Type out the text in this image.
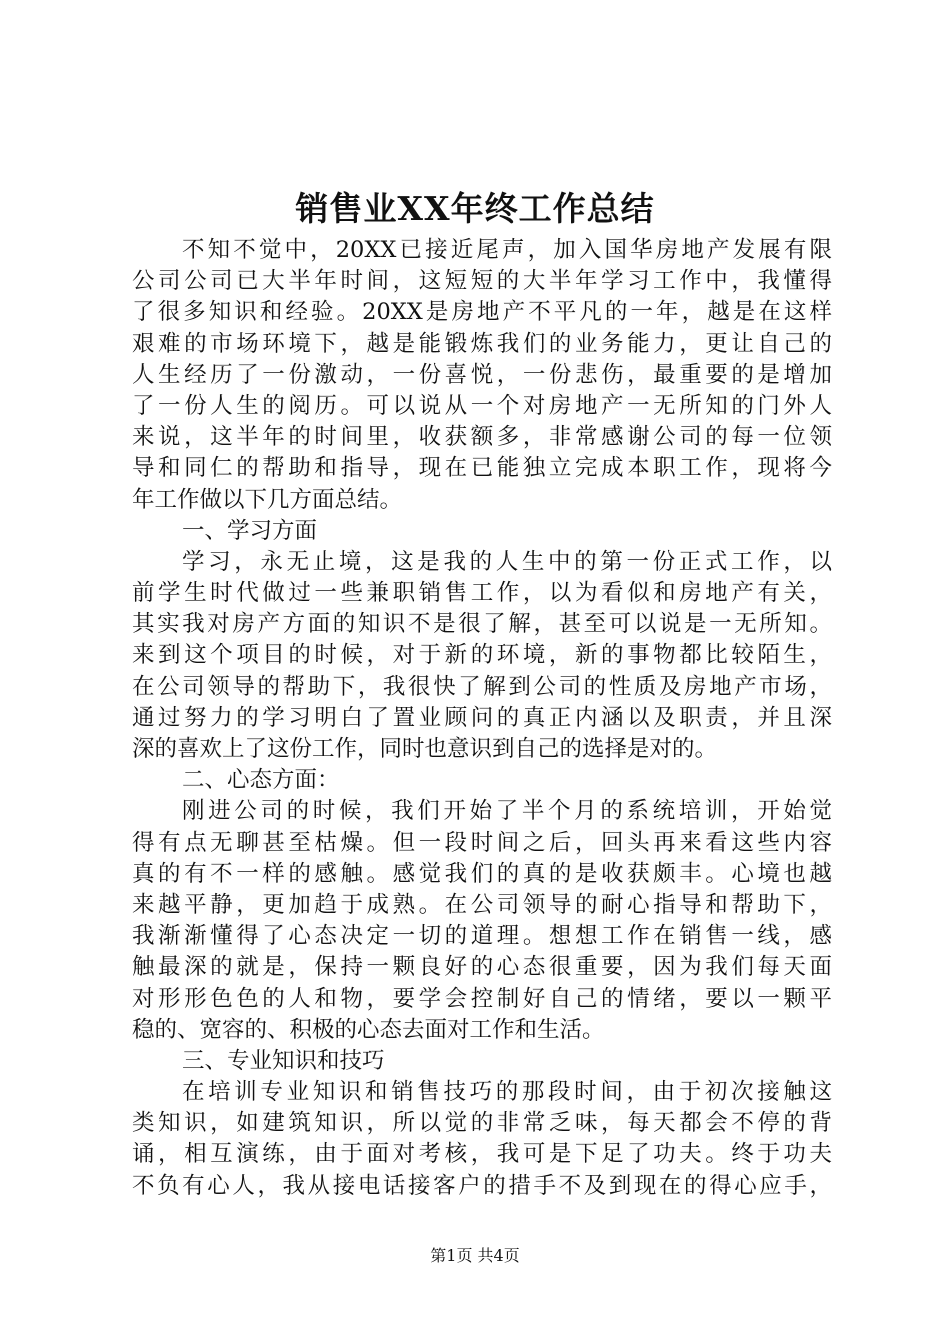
销售业XX年终工作总结
不知不觉中，20XX已接近尾声，加入国华房地产发展有限
公司公司已大半年时间，这短短的大半年学习工作中，我懂得
了很多知识和经验。20XX是房地产不平凡的一年，越是在这样
艰难的市场环境下，越是能锻炼我们的业务能力，更让自己的
人生经历了一份激动，一份喜悦，一份悲伤，最重要的是增加
了一份人生的阅历。可以说从一个对房地产一无所知的门外人
来说，这半年的时间里，收获额多，非常感谢公司的每一位领
导和同仁的帮助和指导，现在已能独立完成本职工作，现将今
年工作做以下几方面总结。
一、学习方面
学习，永无止境，这是我的人生中的第一份正式工作，以
前学生时代做过一些兼职销售工作，以为看似和房地产有关，
其实我对房产方面的知识不是很了解，甚至可以说是一无所知。
来到这个项目的时候，对于新的环境，新的事物都比较陌生，
在公司领导的帮助下，我很快了解到公司的性质及房地产市场，
通过努力的学习明白了置业顾问的真正内涵以及职责，并且深
深的喜欢上了这份工作，同时也意识到自己的选择是对的。
二、心态方面：
刚进公司的时候，我们开始了半个月的系统培训，开始觉
得有点无聊甚至枯燥。但一段时间之后，回头再来看这些内容
真的有不一样的感触。感觉我们的真的是收获颇丰。心境也越
来越平静，更加趋于成熟。在公司领导的耐心指导和帮助下，
我渐渐懂得了心态决定一切的道理。想想工作在销售一线，感
触最深的就是，保持一颗良好的心态很重要，因为我们每天面
对形形色色的人和物，要学会控制好自己的情绪，要以一颗平
稳的、宽容的、积极的心态去面对工作和生活。
三、专业知识和技巧
在培训专业知识和销售技巧的那段时间，由于初次接触这
类知识，如建筑知识，所以觉的非常乏味，每天都会不停的背
诵，相互演练，由于面对考核，我可是下足了功夫。终于功夫
不负有心人，我从接电话接客户的措手不及到现在的得心应手，
第1页 共4页
